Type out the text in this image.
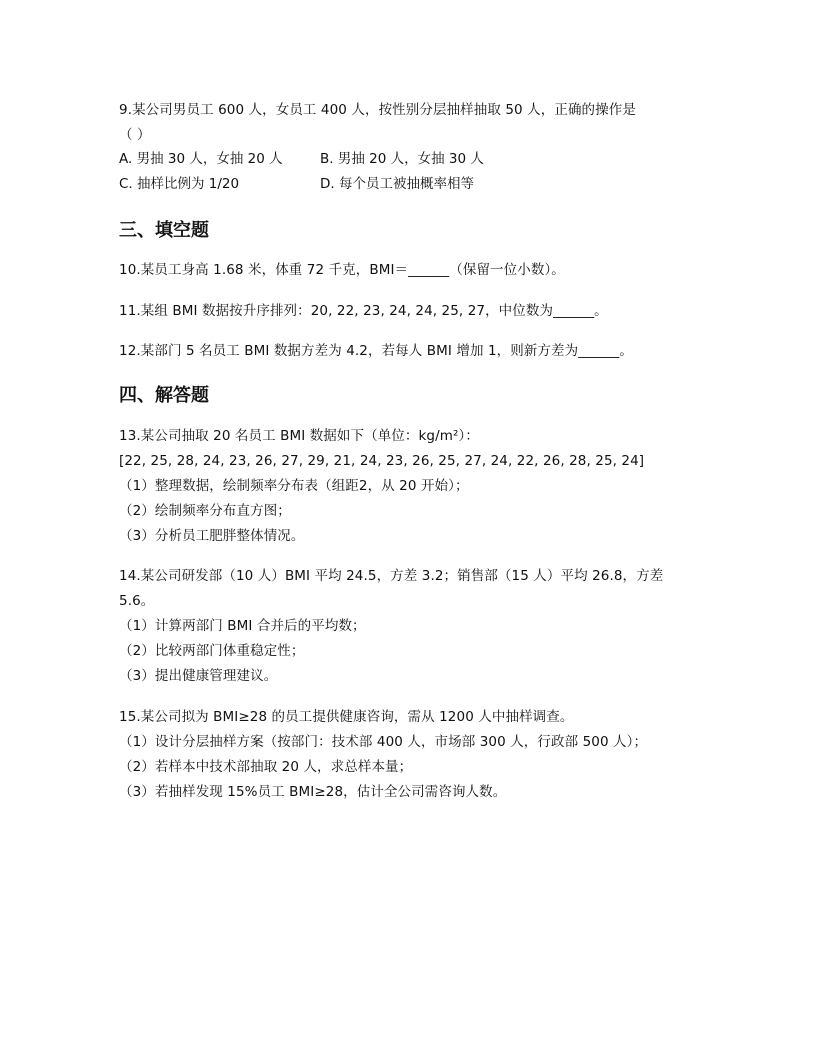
9.某公司男员工 600 人，女员工 400 人，按性别分层抽样抽取 50 人，正确的操作是
（ ）
A. 男抽 30 人，女抽 20 人	B. 男抽 20 人，女抽 30 人
C. 抽样比例为 1/20	D. 每个员工被抽概率相等
三、填空题
10.某员工身高 1.68 米，体重 72 千克，BMI＝______（保留一位小数）。
11.某组 BMI 数据按升序排列：20, 22, 23, 24, 24, 25, 27，中位数为______。
12.某部门 5 名员工 BMI 数据方差为 4.2，若每人 BMI 增加 1，则新方差为______。
四、解答题
13.某公司抽取 20 名员工 BMI 数据如下（单位：kg/m²）：
[22, 25, 28, 24, 23, 26, 27, 29, 21, 24, 23, 26, 25, 27, 24, 22, 26, 28, 25, 24]
（1）整理数据，绘制频率分布表（组距2，从 20 开始）；
（2）绘制频率分布直方图；
（3）分析员工肥胖整体情况。
14.某公司研发部（10 人）BMI 平均 24.5，方差 3.2；销售部（15 人）平均 26.8，方差
5.6。
（1）计算两部门 BMI 合并后的平均数；
（2）比较两部门体重稳定性；
（3）提出健康管理建议。
15.某公司拟为 BMI≥28 的员工提供健康咨询，需从 1200 人中抽样调查。
（1）设计分层抽样方案（按部门：技术部 400 人，市场部 300 人，行政部 500 人）；
（2）若样本中技术部抽取 20 人，求总样本量；
（3）若抽样发现 15%员工 BMI≥28，估计全公司需咨询人数。
